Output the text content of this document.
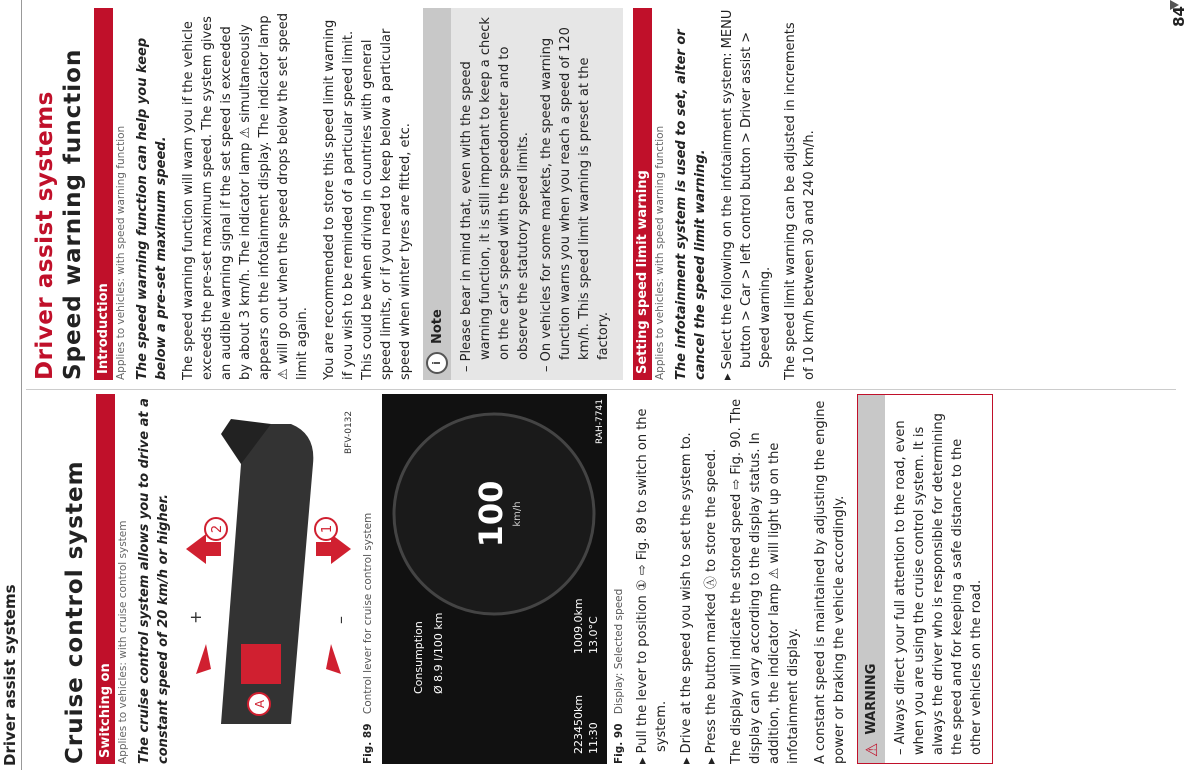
Driver assist systems
Driver assist systems Speed warning function Introduction Applies to vehicles: with speed warning function The speed warning function can help you keep below a pre-set maximum speed. The speed warning function will warn you if the vehicle exceeds the pre-set maximum speed. The system gives an audible warning signal if the set speed is exceeded by about 3 km/h. The indicator lamp ⚠ simultaneously appears on the infotainment display. The indicator lamp ⚠ will go out when the speed drops below the set speed limit again. You are recommended to store this speed limit warning if you wish to be reminded of a particular speed limit. This could be when driving in countries with general speed limits, or if you need to keep below a particular speed when winter tyres are fitted, etc.	i
Note – Please bear in mind that, even with the speed warning function, it is still important to keep a check on the car's speed with the speedometer and to observe the statutory speed limits. – On vehicles for some markets, the speed warning function warns you when you reach a speed of 120 km/h. This speed limit warning is preset at the factory. Setting speed limit warning Applies to vehicles: with speed warning function The infotainment system is used to set, alter or cancel the speed limit warning. ▸ Select the following on the infotainment system: MENU button > Car > left control button > Driver assist > Speed warning. The speed limit warning can be adjusted in increments of 10 km/h between 30 and 240 km/h.

Cruise control system Switching on Applies to vehicles: with cruise control system The cruise control system allows you to drive at a constant speed of 20 km/h or higher.	2	1
A
+	–
BFV-0132
Fig. 89 Control lever for cruise control system	100 km/h
Consumption Ø 8.9 l/100 km
223450km 11:30
1009.0km 13.0°C
RAH-7741
Fig. 90 Display: Selected speed ▸ Pull the lever to position ① ⇨ Fig. 89 to switch on the system. ▸ Drive at the speed you wish to set the system to. ▸ Press the button marked Ⓐ to store the speed. The display will indicate the stored speed ⇨ Fig. 90. The display can vary according to the display status. In addition, the indicator lamp ⚠ will light up on the infotainment display. A constant speed is maintained by adjusting the engine power or braking the vehicle accordingly. ⚠
WARNING	– Always direct your full attention to the road, even when you are using the cruise control system. It is always the driver who is responsible for determining the speed and for keeping a safe distance to the other vehicles on the road.
84
